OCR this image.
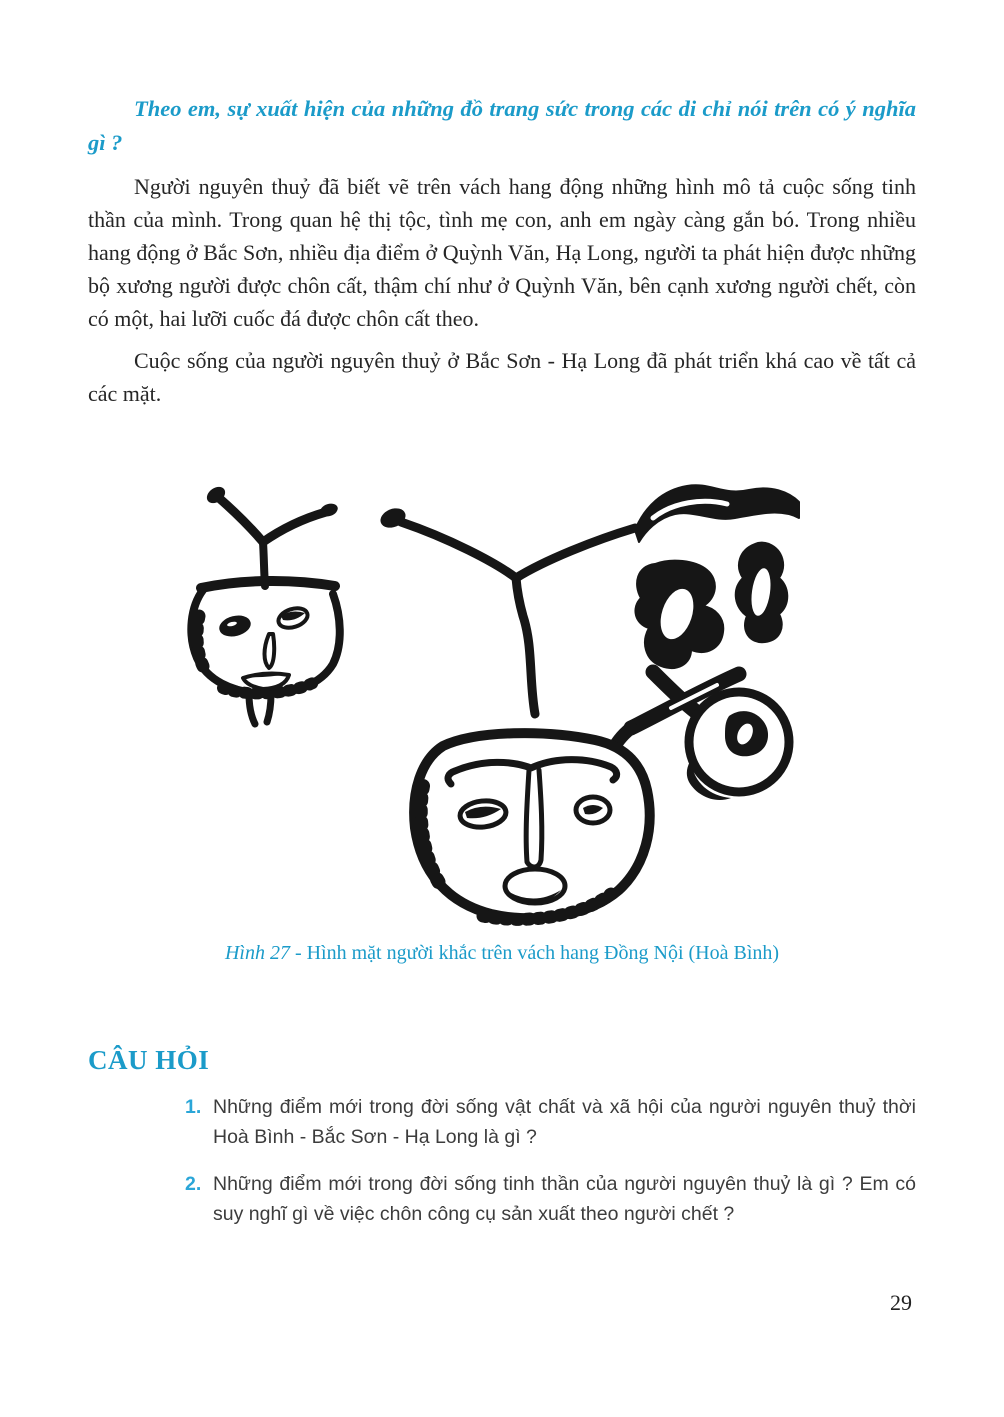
Theo em, sự xuất hiện của những đồ trang sức trong các di chỉ nói trên có ý nghĩa gì ?

Người nguyên thuỷ đã biết vẽ trên vách hang động những hình mô tả cuộc sống tinh thần của mình. Trong quan hệ thị tộc, tình mẹ con, anh em ngày càng gắn bó. Trong nhiều hang động ở Bắc Sơn, nhiều địa điểm ở Quỳnh Văn, Hạ Long, người ta phát hiện được những bộ xương người được chôn cất, thậm chí như ở Quỳnh Văn, bên cạnh xương người chết, còn có một, hai lưỡi cuốc đá được chôn cất theo.

Cuộc sống của người nguyên thuỷ ở Bắc Sơn - Hạ Long đã phát triển khá cao về tất cả các mặt.

Hình 27 - Hình mặt người khắc trên vách hang Đồng Nội (Hoà Bình)
CÂU HỎI
1. Những điểm mới trong đời sống vật chất và xã hội của người nguyên thuỷ thời Hoà Bình - Bắc Sơn - Hạ Long là gì ?
2. Những điểm mới trong đời sống tinh thần của người nguyên thuỷ là gì ? Em có suy nghĩ gì về việc chôn công cụ sản xuất theo người chết ?
29
